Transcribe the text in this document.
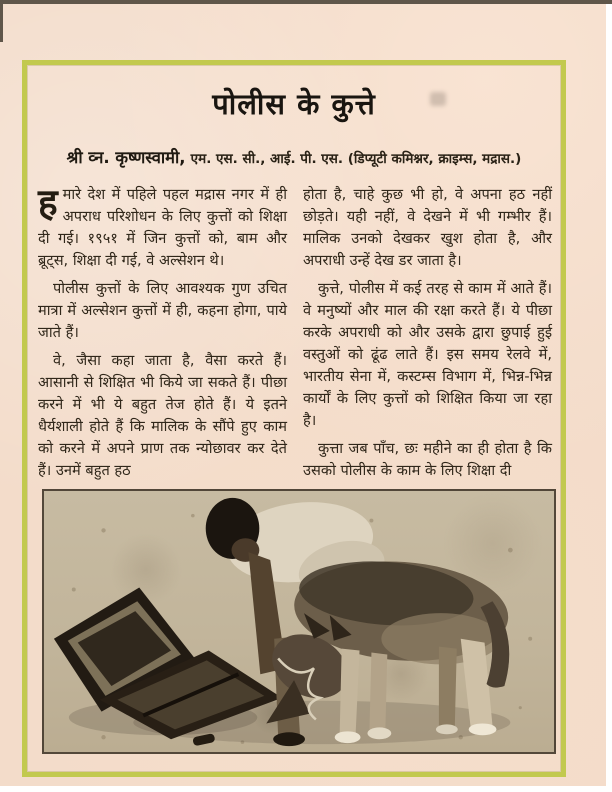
पोलीस के कुत्ते
श्री व्न. कृष्णस्वामी, एम. एस. सी., आई. पी. एस. (डिप्यूटी कमिश्नर, क्राइम्स, मद्रास.)

हमारे देश में पहिले पहल मद्रास नगर में ही अपराध परिशोधन के लिए कुत्तों को शिक्षा दी गई। १९५१ में जिन कुत्तों को, बाम और ब्रूट्स, शिक्षा दी गई, वे अल्सेशन थे।

पोलीस कुत्तों के लिए आवश्यक गुण उचित मात्रा में अल्सेशन कुत्तों में ही, कहना होगा, पाये जाते हैं।

वे, जैसा कहा जाता है, वैसा करते हैं। आसानी से शिक्षित भी किये जा सकते हैं। पीछा करने में भी ये बहुत तेज होते हैं। ये इतने धैर्यशाली होते हैं कि मालिक के सौंपे हुए काम को करने में अपने प्राण तक न्योछावर कर देते हैं। उनमें बहुत हठ

होता है, चाहे कुछ भी हो, वे अपना हठ नहीं छोड़ते। यही नहीं, वे देखने में भी गम्भीर हैं। मालिक उनको देखकर खुश होता है, और अपराधी उन्हें देख डर जाता है।

कुत्ते, पोलीस में कई तरह से काम में आते हैं। वे मनुष्यों और माल की रक्षा करते हैं। ये पीछा करके अपराधी को और उसके द्वारा छुपाई हुई वस्तुओं को ढूंढ लाते हैं। इस समय रेलवे में, भारतीय सेना में, कस्टम्स विभाग में, भिन्न-भिन्न कार्यों के लिए कुत्तों को शिक्षित किया जा रहा है।

कुत्ता जब पाँच, छः महीने का ही होता है कि उसको पोलीस के काम के लिए शिक्षा दी
